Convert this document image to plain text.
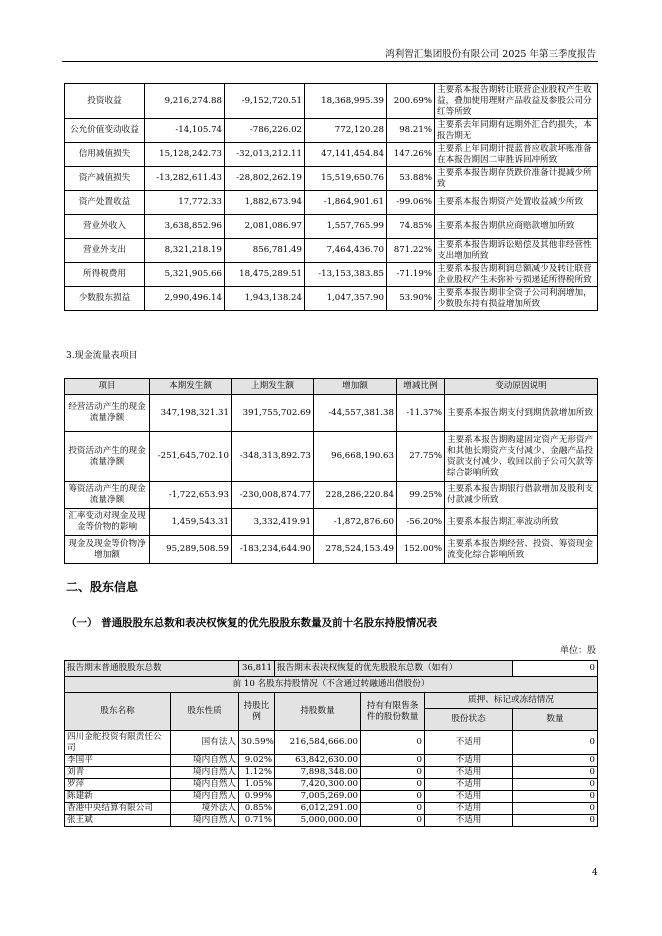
鸿利智汇集团股份有限公司 2025 年第三季度报告
投资收益	9,216,274.88	-9,152,720.51	18,368,995.39	200.69%	主要系本报告期转让联营企业股权产生收益，叠加使用理财产品收益及参股公司分红等所致
公允价值变动收益	-14,105.74	-786,226.02	772,120.28	98.21%	主要系去年同期有远期外汇合约损失，本报告期无
信用减值损失	15,128,242.73	-32,013,212.11	47,141,454.84	147.26%	主要系上年同期计提蓝普应收款坏账准备在本报告期因二审胜诉回冲所致
资产减值损失	-13,282,611.43	-28,802,262.19	15,519,650.76	53.88%	主要系本报告期存货跌价准备计提减少所致
资产处置收益	17,772.33	1,882,673.94	-1,864,901.61	-99.06%	主要系本报告期资产处置收益减少所致
营业外收入	3,638,852.96	2,081,086.97	1,557,765.99	74.85%	主要系本报告期供应商赔款增加所致
营业外支出	8,321,218.19	856,781.49	7,464,436.70	871.22%	主要系本报告期诉讼赔偿及其他非经营性支出增加所致
所得税费用	5,321,905.66	18,475,289.51	-13,153,383.85	-71.19%	主要系本报告期利润总额减少及转让联营企业股权产生未弥补亏损递延所得税所致
少数股东损益	2,990,496.14	1,943,138.24	1,047,357.90	53.90%	主要系本报告期非全资子公司利润增加，少数股东持有损益增加所致
3.现金流量表项目
项目	本期发生额	上期发生额	增加额	增减比例	变动原因说明
经营活动产生的现金流量净额	347,198,321.31	391,755,702.69	-44,557,381.38	-11.37%	主要系本报告期支付到期货款增加所致
投资活动产生的现金流量净额	-251,645,702.10	-348,313,892.73	96,668,190.63	27.75%	主要系本报告期购建固定资产无形资产和其他长期资产支付减少、金融产品投资款支付减少、收回以前子公司欠款等综合影响所致
筹资活动产生的现金流量净额	-1,722,653.93	-230,008,874.77	228,286,220.84	99.25%	主要系本报告期银行借款增加及股利支付款减少所致
汇率变动对现金及现金等价物的影响	1,459,543.31	3,332,419.91	-1,872,876.60	-56.20%	主要系本报告期汇率波动所致
现金及现金等价物净增加额	95,289,508.59	-183,234,644.90	278,524,153.49	152.00%	主要系本报告期经营、投资、筹资现金流变化综合影响所致
二、股东信息
（一） 普通股股东总数和表决权恢复的优先股股东数量及前十名股东持股情况表
单位：股
报告期末普通股股东总数		36,811	报告期末表决权恢复的优先股股东总数（如有）			0
前 10 名股东持股情况（不含通过转融通出借股份）						
股东名称	股东性质	持股比例	持股数量	持有有限售条件的股份数量	质押、标记或冻结情况	
					股份状态	数量
四川金舵投资有限责任公司	国有法人	30.59%	216,584,666.00	0	不适用	0
李国平	境内自然人	9.02%	63,842,630.00	0	不适用	0
刘青	境内自然人	1.12%	7,898,348.00	0	不适用	0
罗萍	境内自然人	1.05%	7,420,300.00	0	不适用	0
陈建新	境内自然人	0.99%	7,005,269.00	0	不适用	0
香港中央结算有限公司	境外法人	0.85%	6,012,291.00	0	不适用	0
张王斌	境内自然人	0.71%	5,000,000.00	0	不适用	0
4
